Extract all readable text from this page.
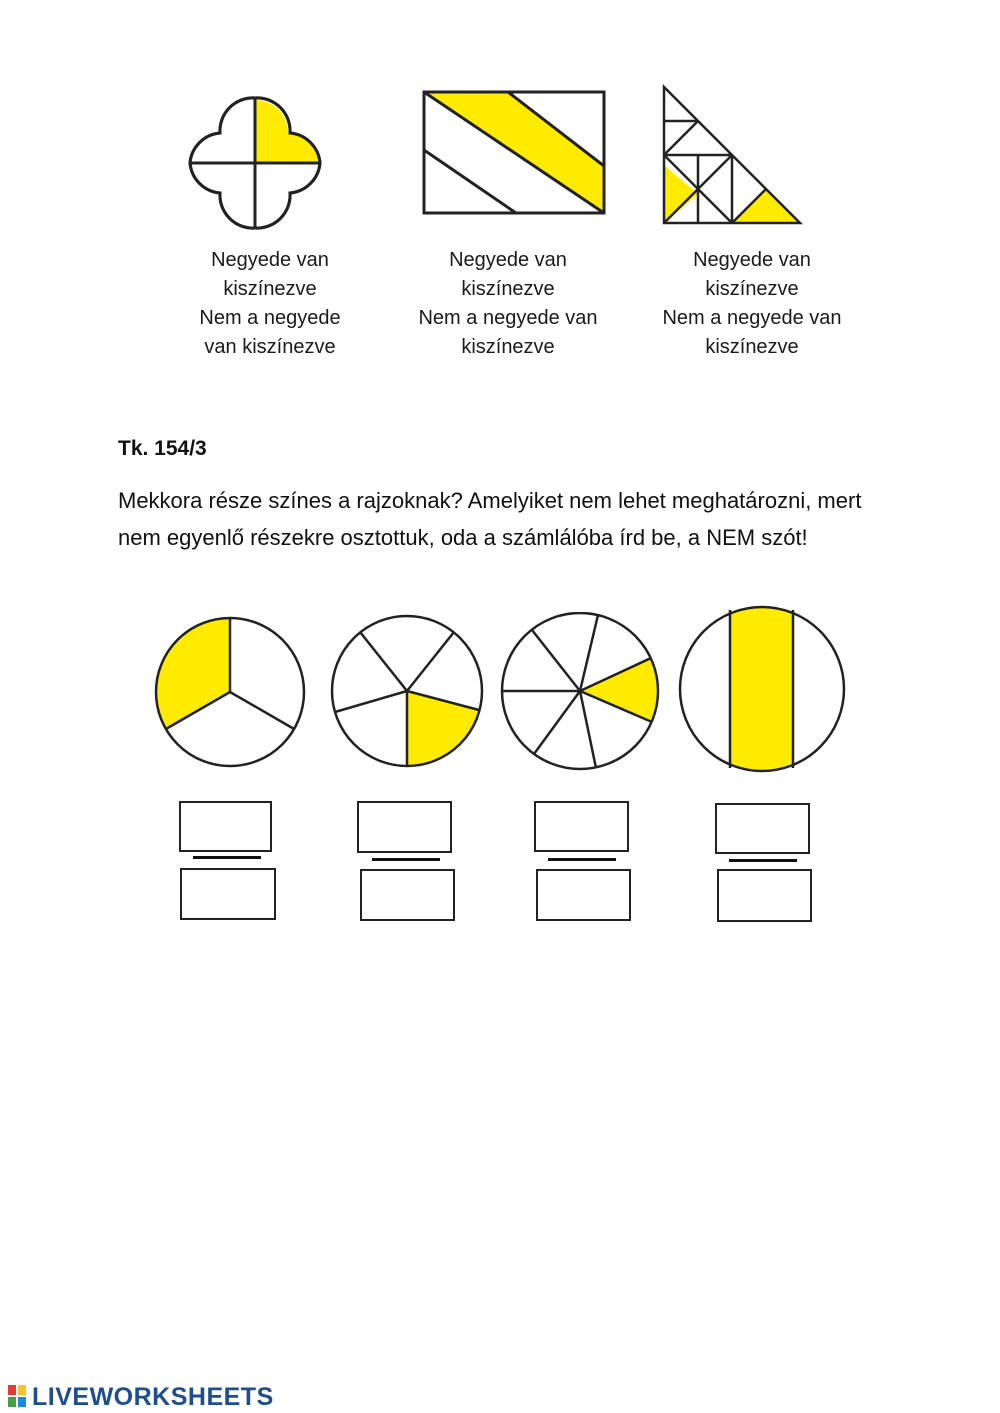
Negyede van
kiszínezve
Nem a negyede
van kiszínezve
Negyede van
kiszínezve
Nem a negyede van
kiszínezve
Negyede van
kiszínezve
Nem a negyede van
kiszínezve
Tk. 154/3
Mekkora része színes a rajzoknak? Amelyiket nem lehet meghatározni, mert nem egyenlő részekre osztottuk, oda a számlálóba írd be, a NEM szót!
LIVEWORKSHEETS
